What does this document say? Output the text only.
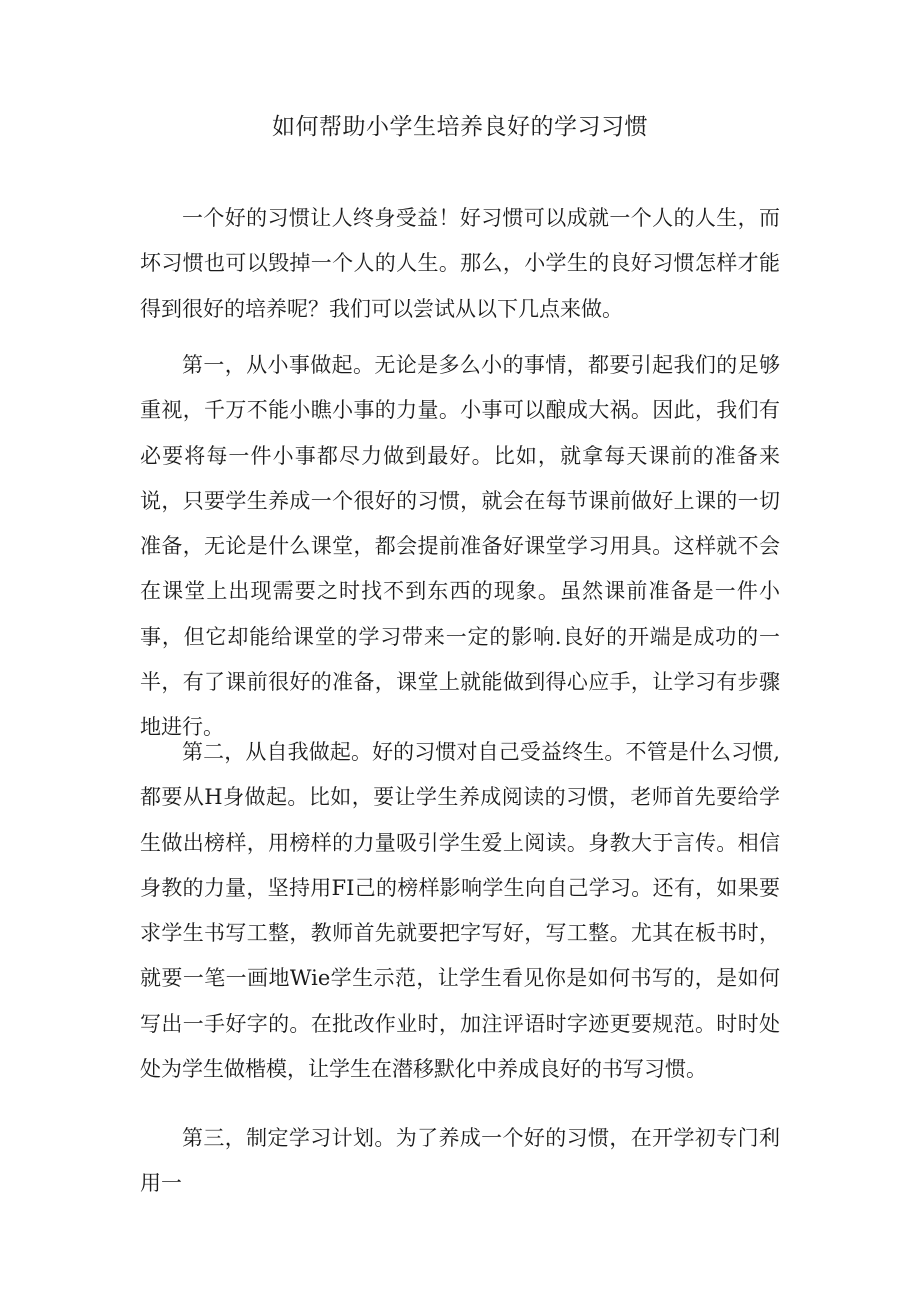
如何帮助小学生培养良好的学习习惯

一个好的习惯让人终身受益！好习惯可以成就一个人的人生，而坏习惯也可以毁掉一个人的人生。那么，小学生的良好习惯怎样才能得到很好的培养呢？我们可以尝试从以下几点来做。

第一，从小事做起。无论是多么小的事情，都要引起我们的足够重视，千万不能小瞧小事的力量。小事可以酿成大祸。因此，我们有必要将每一件小事都尽力做到最好。比如，就拿每天课前的准备来说，只要学生养成一个很好的习惯，就会在每节课前做好上课的一切准备，无论是什么课堂，都会提前准备好课堂学习用具。这样就不会在课堂上出现需要之时找不到东西的现象。虽然课前准备是一件小事，但它却能给课堂的学习带来一定的影响.良好的开端是成功的一半，有了课前很好的准备，课堂上就能做到得心应手，让学习有步骤地进行。

第二，从自我做起。好的习惯对自己受益终生。不管是什么习惯,都要从H身做起。比如，要让学生养成阅读的习惯，老师首先要给学生做出榜样，用榜样的力量吸引学生爱上阅读。身教大于言传。相信身教的力量，坚持用FI己的榜样影响学生向自己学习。还有，如果要求学生书写工整，教师首先就要把字写好，写工整。尤其在板书时，就要一笔一画地Wie学生示范，让学生看见你是如何书写的，是如何写出一手好字的。在批改作业时，加注评语时字迹更要规范。时时处处为学生做楷模，让学生在潜移默化中养成良好的书写习惯。

第三，制定学习计划。为了养成一个好的习惯，在开学初专门利用一
